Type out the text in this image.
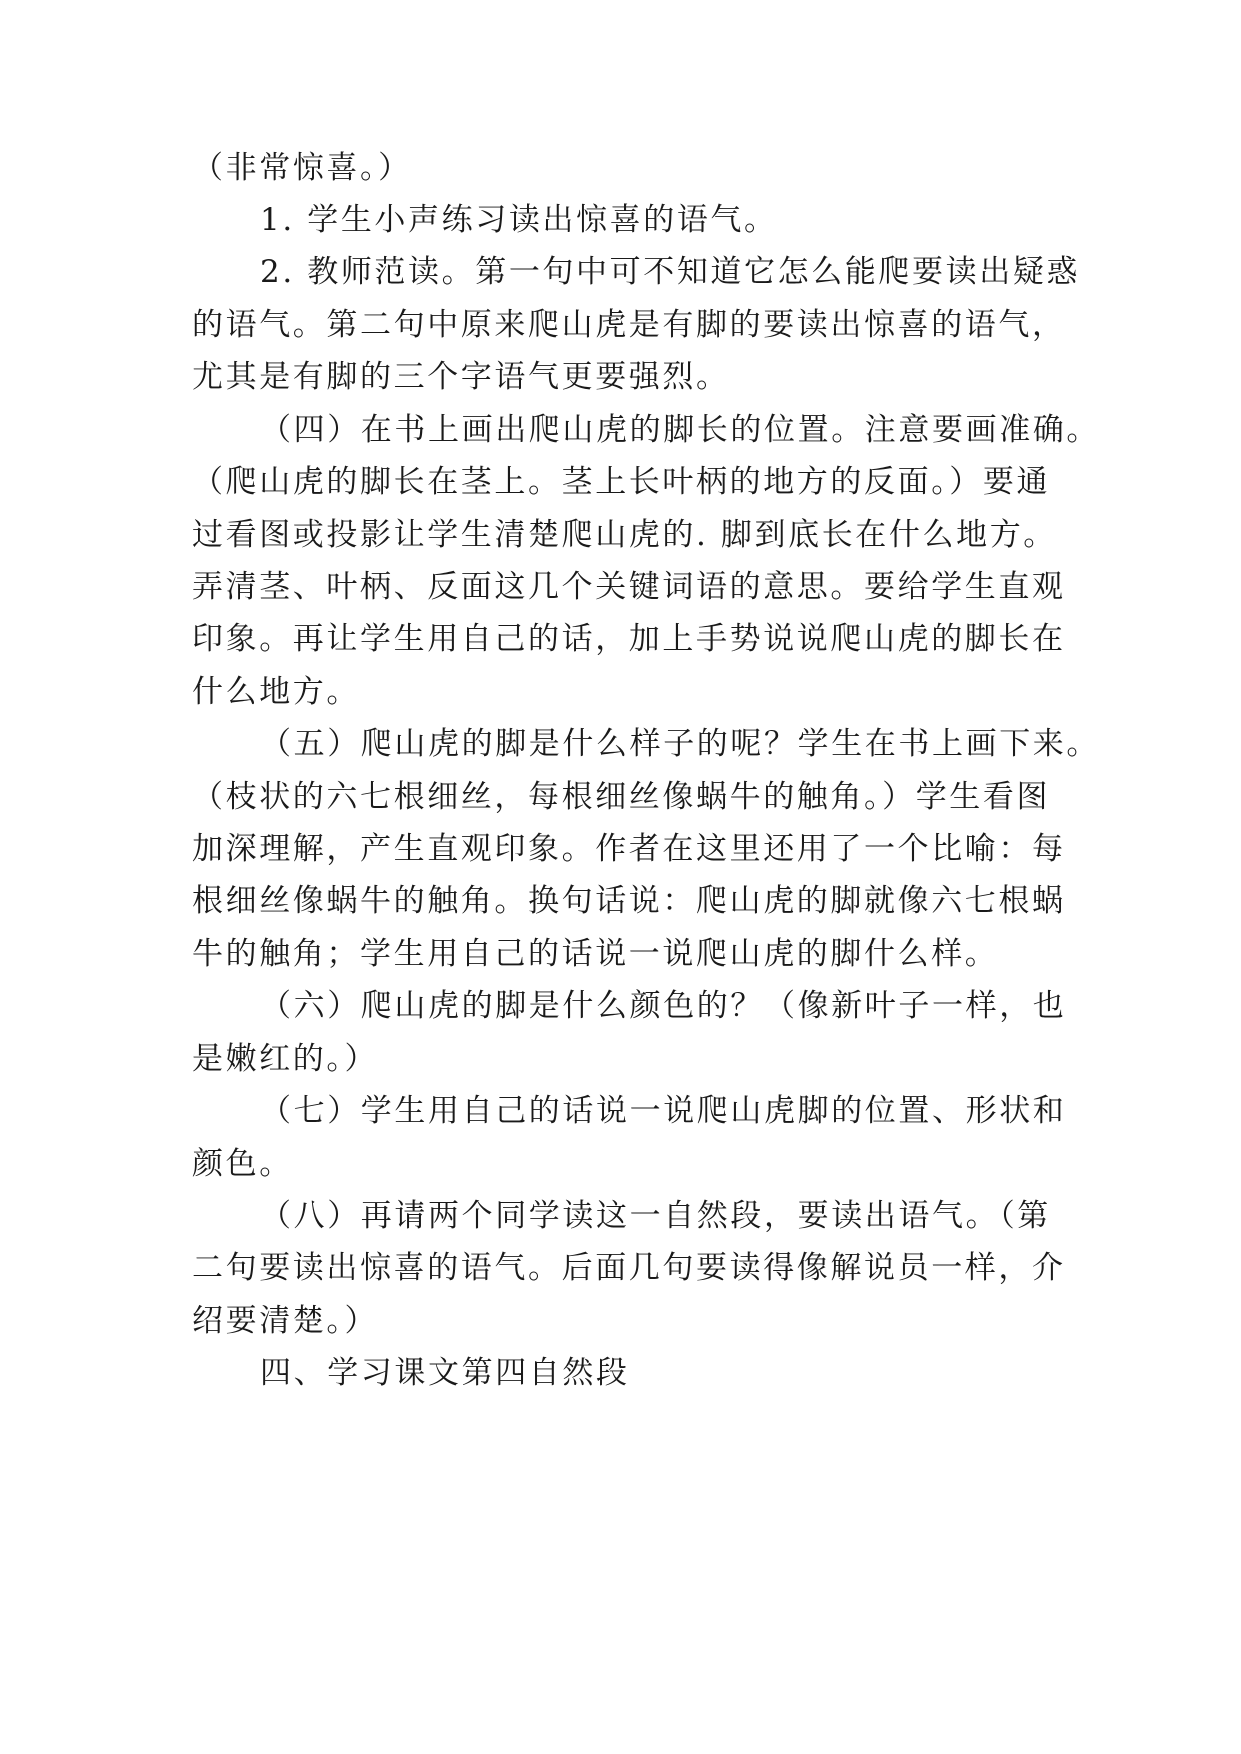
（非常惊喜。）
1. 学生小声练习读出惊喜的语气。
2. 教师范读。第一句中可不知道它怎么能爬要读出疑惑
的语气。第二句中原来爬山虎是有脚的要读出惊喜的语气，
尤其是有脚的三个字语气更要强烈。
（四）在书上画出爬山虎的脚长的位置。注意要画准确。
（爬山虎的脚长在茎上。茎上长叶柄的地方的反面。）要通
过看图或投影让学生清楚爬山虎的. 脚到底长在什么地方。
弄清茎、叶柄、反面这几个关键词语的意思。要给学生直观
印象。再让学生用自己的话，加上手势说说爬山虎的脚长在
什么地方。
（五）爬山虎的脚是什么样子的呢？学生在书上画下来。
（枝状的六七根细丝，每根细丝像蜗牛的触角。）学生看图
加深理解，产生直观印象。作者在这里还用了一个比喻：每
根细丝像蜗牛的触角。换句话说：爬山虎的脚就像六七根蜗
牛的触角；学生用自己的话说一说爬山虎的脚什么样。
（六）爬山虎的脚是什么颜色的？（像新叶子一样，也
是嫩红的。）
（七）学生用自己的话说一说爬山虎脚的位置、形状和
颜色。
（八）再请两个同学读这一自然段，要读出语气。（第
二句要读出惊喜的语气。后面几句要读得像解说员一样，介
绍要清楚。）
四、学习课文第四自然段
